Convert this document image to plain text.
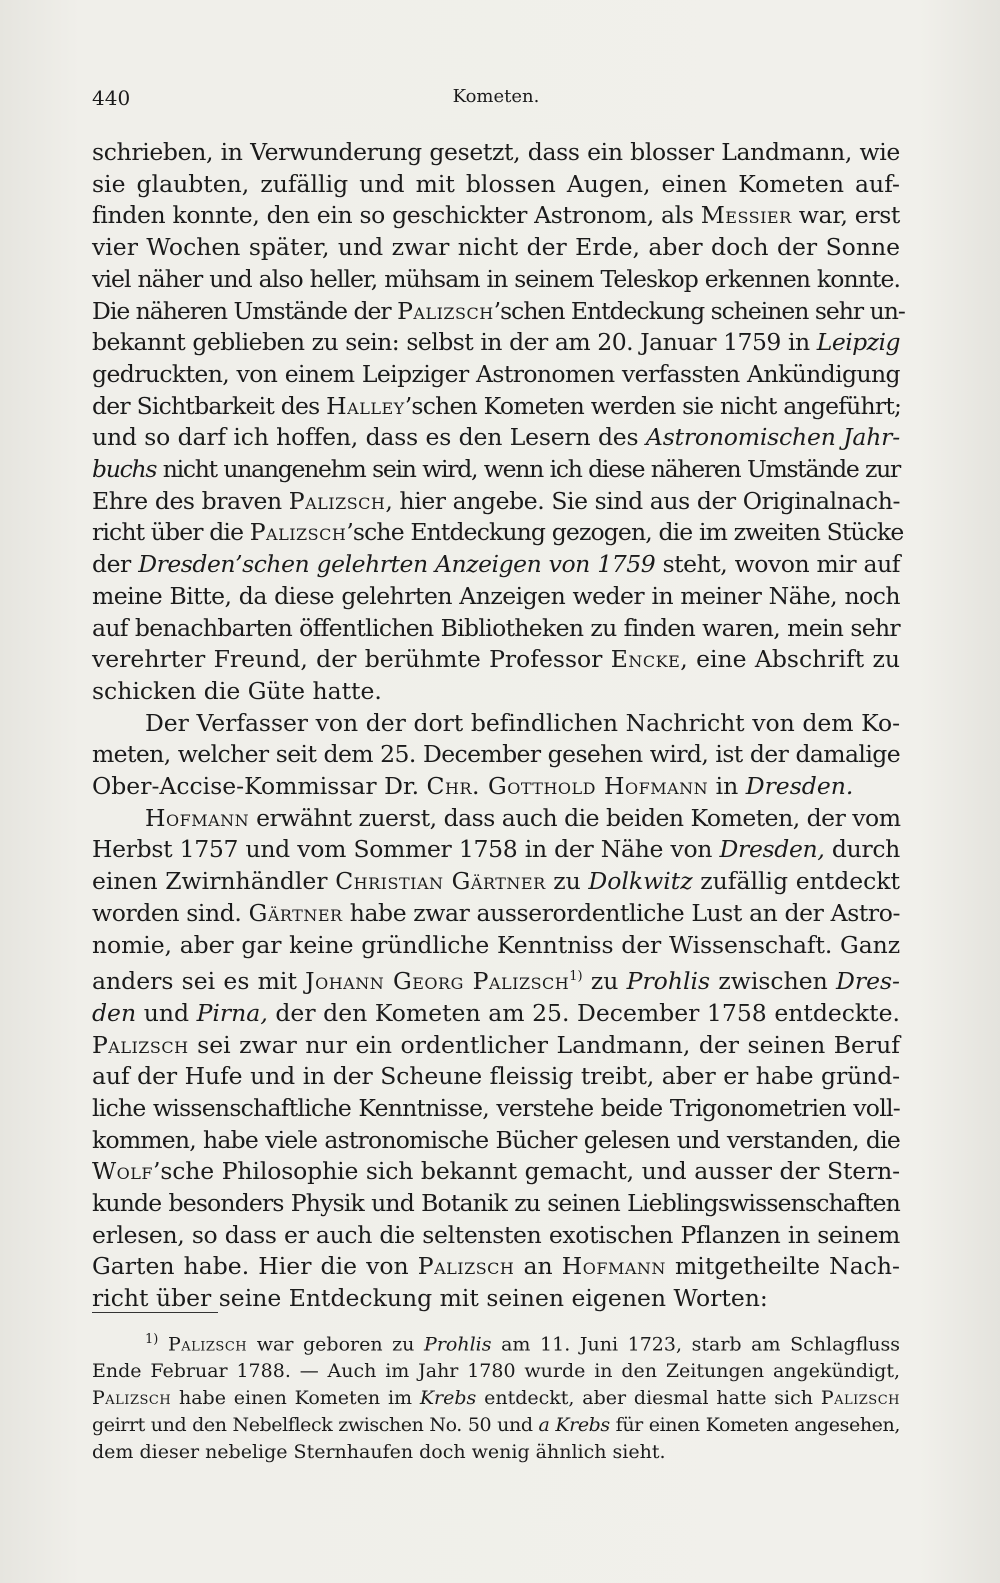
440	Kometen.
schrieben, in Verwunderung gesetzt, dass ein blosser Landmann, wie
sie glaubten, zufällig und mit blossen Augen, einen Kometen auf-
finden konnte, den ein so geschickter Astronom, als Messier war, erst
vier Wochen später, und zwar nicht der Erde, aber doch der Sonne
viel näher und also heller, mühsam in seinem Teleskop erkennen konnte.
Die näheren Umstände der Palizsch’schen Entdeckung scheinen sehr un-
bekannt geblieben zu sein: selbst in der am 20. Januar 1759 in Leipzig
gedruckten, von einem Leipziger Astronomen verfassten Ankündigung
der Sichtbarkeit des Halley’schen Kometen werden sie nicht angeführt;
und so darf ich hoffen, dass es den Lesern des Astronomischen Jahr-
buchs nicht unangenehm sein wird, wenn ich diese näheren Umstände zur
Ehre des braven Palizsch, hier angebe. Sie sind aus der Originalnach-
richt über die Palizsch’sche Entdeckung gezogen, die im zweiten Stücke
der Dresden’schen gelehrten Anzeigen von 1759 steht, wovon mir auf
meine Bitte, da diese gelehrten Anzeigen weder in meiner Nähe, noch
auf benachbarten öffentlichen Bibliotheken zu finden waren, mein sehr
verehrter Freund, der berühmte Professor Encke, eine Abschrift zu
schicken die Güte hatte.
Der Verfasser von der dort befindlichen Nachricht von dem Ko-
meten, welcher seit dem 25. December gesehen wird, ist der damalige
Ober-Accise-Kommissar Dr. Chr. Gotthold Hofmann in Dresden.
Hofmann erwähnt zuerst, dass auch die beiden Kometen, der vom
Herbst 1757 und vom Sommer 1758 in der Nähe von Dresden, durch
einen Zwirnhändler Christian Gärtner zu Dolkwitz zufällig entdeckt
worden sind. Gärtner habe zwar ausserordentliche Lust an der Astro-
nomie, aber gar keine gründliche Kenntniss der Wissenschaft. Ganz
anders sei es mit Johann Georg Palizsch$^{1)}$ zu Prohlis zwischen Dres-
den und Pirna, der den Kometen am 25. December 1758 entdeckte.
Palizsch sei zwar nur ein ordentlicher Landmann, der seinen Beruf
auf der Hufe und in der Scheune fleissig treibt, aber er habe gründ-
liche wissenschaftliche Kenntnisse, verstehe beide Trigonometrien voll-
kommen, habe viele astronomische Bücher gelesen und verstanden, die
Wolf’sche Philosophie sich bekannt gemacht, und ausser der Stern-
kunde besonders Physik und Botanik zu seinen Lieblingswissenschaften
erlesen, so dass er auch die seltensten exotischen Pflanzen in seinem
Garten habe. Hier die von Palizsch an Hofmann mitgetheilte Nach-
richt über seine Entdeckung mit seinen eigenen Worten:
$^{1)}$ Palizsch war geboren zu Prohlis am 11. Juni 1723, starb am Schlagfluss
Ende Februar 1788. — Auch im Jahr 1780 wurde in den Zeitungen angekündigt,
Palizsch habe einen Kometen im Krebs entdeckt, aber diesmal hatte sich Palizsch
geirrt und den Nebelfleck zwischen No. 50 und a Krebs für einen Kometen angesehen,
dem dieser nebelige Sternhaufen doch wenig ähnlich sieht.
